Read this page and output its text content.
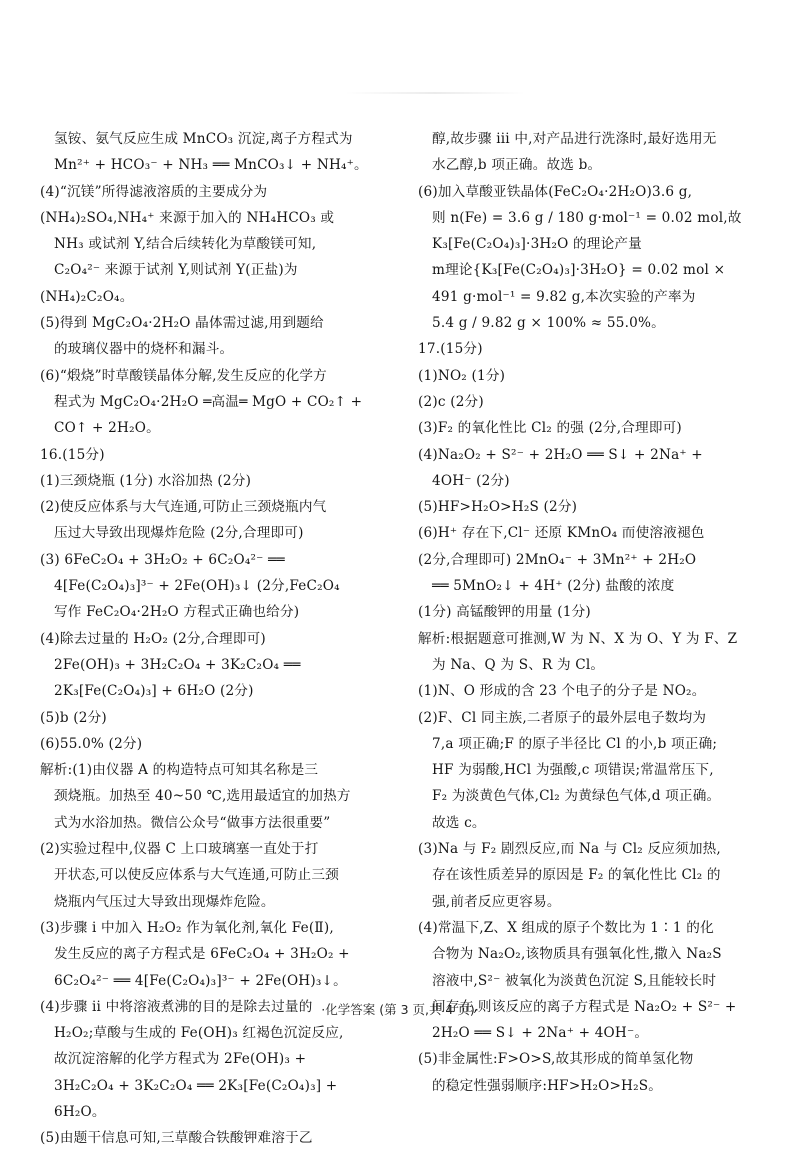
氢铵、氨气反应生成 MnCO₃ 沉淀,离子方程式为
Mn²⁺ + HCO₃⁻ + NH₃ ══ MnCO₃↓ + NH₄⁺。
(4)“沉镁”所得滤液溶质的主要成分为
(NH₄)₂SO₄,NH₄⁺ 来源于加入的 NH₄HCO₃ 或
NH₃ 或试剂 Y,结合后续转化为草酸镁可知,
C₂O₄²⁻ 来源于试剂 Y,则试剂 Y(正盐)为
(NH₄)₂C₂O₄。
(5)得到 MgC₂O₄·2H₂O 晶体需过滤,用到题给
的玻璃仪器中的烧杯和漏斗。
(6)“煅烧”时草酸镁晶体分解,发生反应的化学方
程式为 MgC₂O₄·2H₂O ═高温═ MgO + CO₂↑ +
CO↑ + 2H₂O。
16.(15分)
(1)三颈烧瓶 (1分) 水浴加热 (2分)
(2)使反应体系与大气连通,可防止三颈烧瓶内气
压过大导致出现爆炸危险 (2分,合理即可)
(3) 6FeC₂O₄ + 3H₂O₂ + 6C₂O₄²⁻ ══
4[Fe(C₂O₄)₃]³⁻ + 2Fe(OH)₃↓ (2分,FeC₂O₄
写作 FeC₂O₄·2H₂O 方程式正确也给分)
(4)除去过量的 H₂O₂ (2分,合理即可)
2Fe(OH)₃ + 3H₂C₂O₄ + 3K₂C₂O₄ ══
2K₃[Fe(C₂O₄)₃] + 6H₂O (2分)
(5)b (2分)
(6)55.0% (2分)
解析:(1)由仪器 A 的构造特点可知其名称是三
颈烧瓶。加热至 40~50 ℃,选用最适宜的加热方
式为水浴加热。微信公众号“做事方法很重要”
(2)实验过程中,仪器 C 上口玻璃塞一直处于打
开状态,可以使反应体系与大气连通,可防止三颈
烧瓶内气压过大导致出现爆炸危险。
(3)步骤 i 中加入 H₂O₂ 作为氧化剂,氧化 Fe(Ⅱ),
发生反应的离子方程式是 6FeC₂O₄ + 3H₂O₂ +
6C₂O₄²⁻ ══ 4[Fe(C₂O₄)₃]³⁻ + 2Fe(OH)₃↓。
(4)步骤 ii 中将溶液煮沸的目的是除去过量的
H₂O₂;草酸与生成的 Fe(OH)₃ 红褐色沉淀反应,
故沉淀溶解的化学方程式为 2Fe(OH)₃ +
3H₂C₂O₄ + 3K₂C₂O₄ ══ 2K₃[Fe(C₂O₄)₃] +
6H₂O。
(5)由题干信息可知,三草酸合铁酸钾难溶于乙
醇,故步骤 iii 中,对产品进行洗涤时,最好选用无
水乙醇,b 项正确。故选 b。
(6)加入草酸亚铁晶体(FeC₂O₄·2H₂O)3.6 g,
则 n(Fe) = 3.6 g / 180 g·mol⁻¹ = 0.02 mol,故
K₃[Fe(C₂O₄)₃]·3H₂O 的理论产量
m理论{K₃[Fe(C₂O₄)₃]·3H₂O} = 0.02 mol ×
491 g·mol⁻¹ = 9.82 g,本次实验的产率为
5.4 g / 9.82 g × 100% ≈ 55.0%。
17.(15分)
(1)NO₂ (1分)
(2)c (2分)
(3)F₂ 的氧化性比 Cl₂ 的强 (2分,合理即可)
(4)Na₂O₂ + S²⁻ + 2H₂O ══ S↓ + 2Na⁺ +
4OH⁻ (2分)
(5)HF>H₂O>H₂S (2分)
(6)H⁺ 存在下,Cl⁻ 还原 KMnO₄ 而使溶液褪色
(2分,合理即可) 2MnO₄⁻ + 3Mn²⁺ + 2H₂O
══ 5MnO₂↓ + 4H⁺ (2分) 盐酸的浓度
(1分) 高锰酸钾的用量 (1分)
解析:根据题意可推测,W 为 N、X 为 O、Y 为 F、Z
为 Na、Q 为 S、R 为 Cl。
(1)N、O 形成的含 23 个电子的分子是 NO₂。
(2)F、Cl 同主族,二者原子的最外层电子数均为
7,a 项正确;F 的原子半径比 Cl 的小,b 项正确;
HF 为弱酸,HCl 为强酸,c 项错误;常温常压下,
F₂ 为淡黄色气体,Cl₂ 为黄绿色气体,d 项正确。
故选 c。
(3)Na 与 F₂ 剧烈反应,而 Na 与 Cl₂ 反应须加热,
存在该性质差异的原因是 F₂ 的氧化性比 Cl₂ 的
强,前者反应更容易。
(4)常温下,Z、X 组成的原子个数比为 1∶1 的化
合物为 Na₂O₂,该物质具有强氧化性,撒入 Na₂S
溶液中,S²⁻ 被氧化为淡黄色沉淀 S,且能较长时
间存在,则该反应的离子方程式是 Na₂O₂ + S²⁻ +
2H₂O ══ S↓ + 2Na⁺ + 4OH⁻。
(5)非金属性:F>O>S,故其形成的简单氢化物
的稳定性强弱顺序:HF>H₂O>H₂S。
·化学答案 (第 3 页,共 4 页)·
